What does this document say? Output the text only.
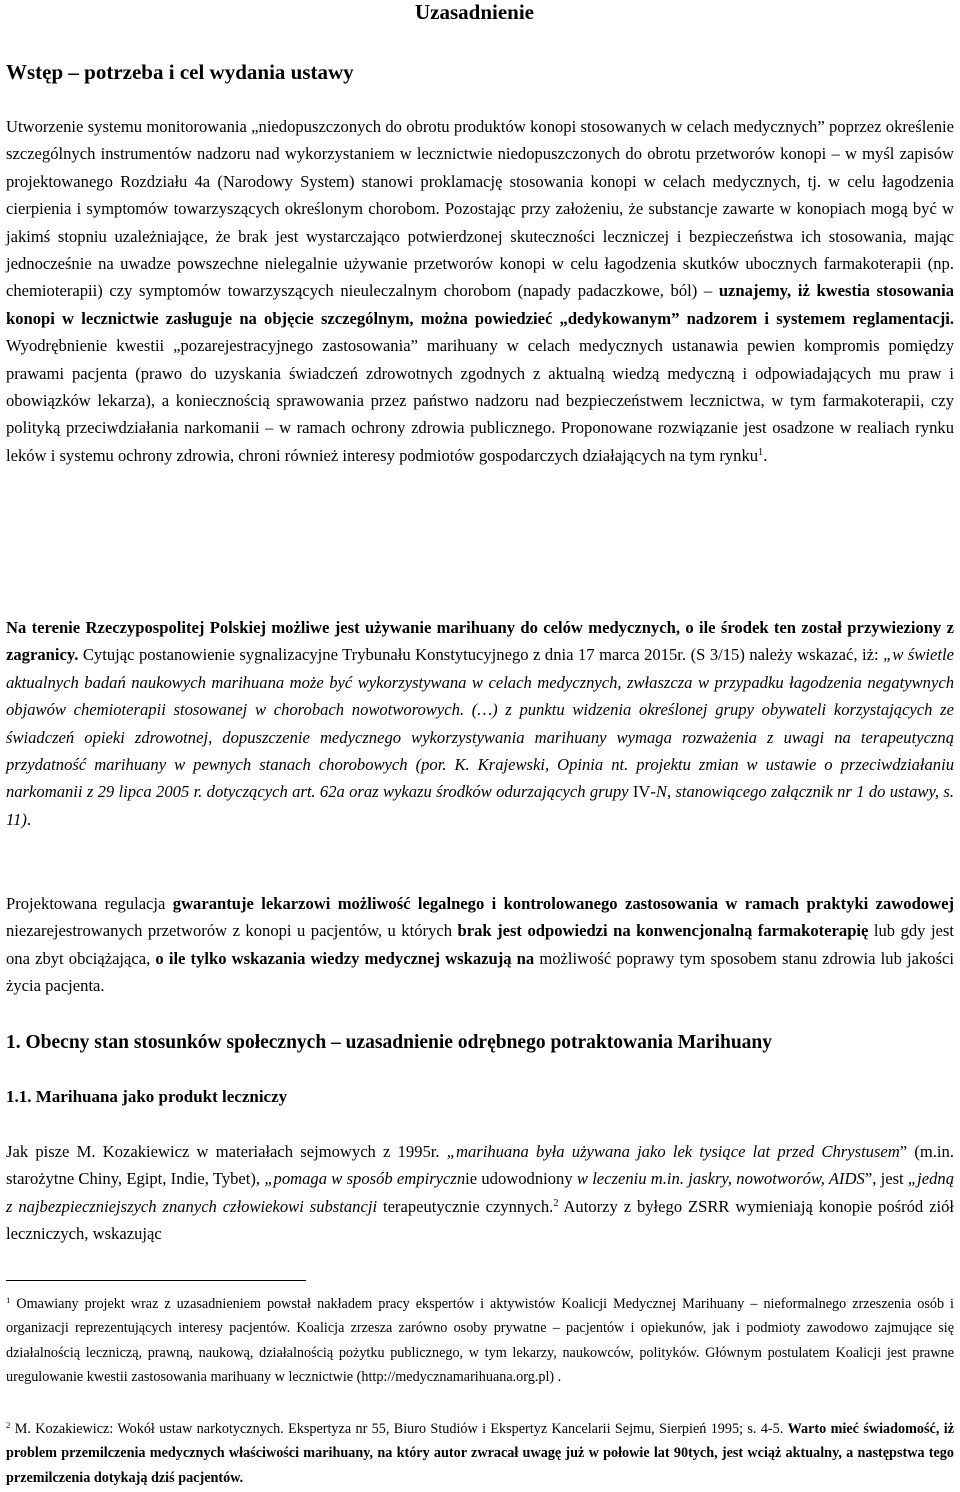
Uzasadnienie
Wstęp – potrzeba i cel wydania ustawy

Utworzenie systemu monitorowania „niedopuszczonych do obrotu produktów konopi stosowanych w celach medycznych” poprzez określenie szczególnych instrumentów nadzoru nad wykorzystaniem w lecznictwie niedopuszczonych do obrotu przetworów konopi – w myśl zapisów projektowanego Rozdziału 4a (Narodowy System) stanowi proklamację stosowania konopi w celach medycznych, tj. w celu łagodzenia cierpienia i symptomów towarzyszących określonym chorobom. Pozostając przy założeniu, że substancje zawarte w konopiach mogą być w jakimś stopniu uzależniające, że brak jest wystarczająco potwierdzonej skuteczności leczniczej i bezpieczeństwa ich stosowania, mając jednocześnie na uwadze powszechne nielegalnie używanie przetworów konopi w celu łagodzenia skutków ubocznych farmakoterapii (np. chemioterapii) czy symptomów towarzyszących nieuleczalnym chorobom (napady padaczkowe, ból) – uznajemy, iż kwestia stosowania konopi w lecznictwie zasługuje na objęcie szczególnym, można powiedzieć „dedykowanym” nadzorem i systemem reglamentacji. Wyodrębnienie kwestii „pozarejestracyjnego zastosowania” marihuany w celach medycznych ustanawia pewien kompromis pomiędzy prawami pacjenta (prawo do uzyskania świadczeń zdrowotnych zgodnych z aktualną wiedzą medyczną i odpowiadających mu praw i obowiązków lekarza), a koniecznością sprawowania przez państwo nadzoru nad bezpieczeństwem lecznictwa, w tym farmakoterapii, czy polityką przeciwdziałania narkomanii – w ramach ochrony zdrowia publicznego. Proponowane rozwiązanie jest osadzone w realiach rynku leków i systemu ochrony zdrowia, chroni również interesy podmiotów gospodarczych działających na tym rynku$^1$.

Na terenie Rzeczypospolitej Polskiej możliwe jest używanie marihuany do celów medycznych, o ile środek ten został przywieziony z zagranicy. Cytując postanowienie sygnalizacyjne Trybunału Konstytucyjnego z dnia 17 marca 2015r. (S 3/15) należy wskazać, iż: „w świetle aktualnych badań naukowych marihuana może być wykorzystywana w celach medycznych, zwłaszcza w przypadku łagodzenia negatywnych objawów chemioterapii stosowanej w chorobach nowotworowych. (…) z punktu widzenia określonej grupy obywateli korzystających ze świadczeń opieki zdrowotnej, dopuszczenie medycznego wykorzystywania marihuany wymaga rozważenia z uwagi na terapeutyczną przydatność marihuany w pewnych stanach chorobowych (por. K. Krajewski, Opinia nt. projektu zmian w ustawie o przeciwdziałaniu narkomanii z 29 lipca 2005 r. dotyczących art. 62a oraz wykazu środków odurzających grupy IV-N, stanowiącego załącznik nr 1 do ustawy, s. 11).

Projektowana regulacja gwarantuje lekarzowi możliwość legalnego i kontrolowanego zastosowania w ramach praktyki zawodowej niezarejestrowanych przetworów z konopi u pacjentów, u których brak jest odpowiedzi na konwencjonalną farmakoterapię lub gdy jest ona zbyt obciążająca, o ile tylko wskazania wiedzy medycznej wskazują na możliwość poprawy tym sposobem stanu zdrowia lub jakości życia pacjenta.

1. Obecny stan stosunków społecznych – uzasadnienie odrębnego potraktowania Marihuany
1.1. Marihuana jako produkt leczniczy

Jak pisze M. Kozakiewicz w materiałach sejmowych z 1995r. „marihuana była używana jako lek tysiące lat przed Chrystusem” (m.in. starożytne Chiny, Egipt, Indie, Tybet), „pomaga w sposób empirycznie udowodniony w leczeniu m.in. jaskry, nowotworów, AIDS”, jest „jedną z najbezpieczniejszych znanych człowiekowi substancji terapeutycznie czynnych.$^2$ Autorzy z byłego ZSRR wymieniają konopie pośród ziół leczniczych, wskazując

$^1$ Omawiany projekt wraz z uzasadnieniem powstał nakładem pracy ekspertów i aktywistów Koalicji Medycznej Marihuany – nieformalnego zrzeszenia osób i organizacji reprezentujących interesy pacjentów. Koalicja zrzesza zarówno osoby prywatne – pacjentów i opiekunów, jak i podmioty zawodowo zajmujące się działalnością leczniczą, prawną, naukową, działalnością pożytku publicznego, w tym lekarzy, naukowców, polityków. Głównym postulatem Koalicji jest prawne uregulowanie kwestii zastosowania marihuany w lecznictwie (http://medycznamarihuana.org.pl) .

$^2$ M. Kozakiewicz: Wokół ustaw narkotycznych. Ekspertyza nr 55, Biuro Studiów i Ekspertyz Kancelarii Sejmu, Sierpień 1995; s. 4-5. Warto mieć świadomość, iż problem przemilczenia medycznych właściwości marihuany, na który autor zwracał uwagę już w połowie lat 90tych, jest wciąż aktualny, a następstwa tego przemilczenia dotykają dziś pacjentów.
